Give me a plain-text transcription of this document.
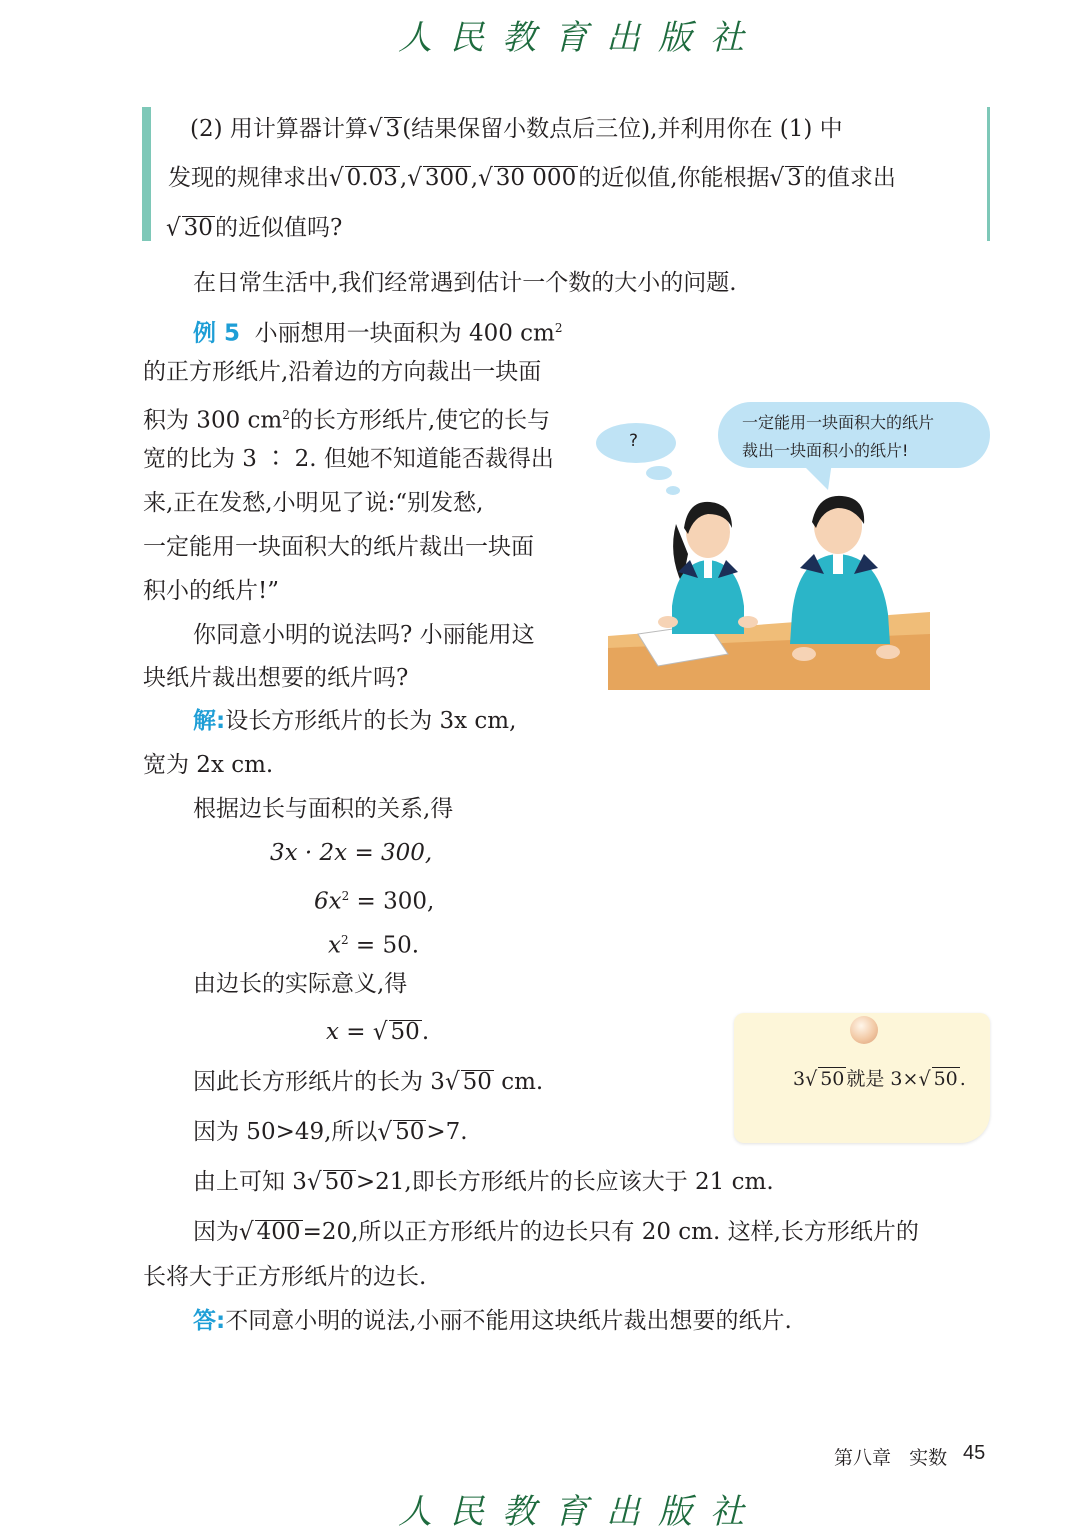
人民教育出版社
(2) 用计算器计算√ 3(结果保留小数点后三位),并利用你在 (1) 中
发现的规律求出√ 0.03,√ 300,√ 30 000的近似值,你能根据√ 3的值求出
√ 30的近似值吗?
在日常生活中,我们经常遇到估计一个数的大小的问题.
例 5 小丽想用一块面积为 400 $cm^2$
的正方形纸片,沿着边的方向裁出一块面
积为 300 $cm^2$的长方形纸片,使它的长与
宽的比为 3 ∶ 2. 但她不知道能否裁得出
来,正在发愁,小明见了说:“别发愁,
一定能用一块面积大的纸片裁出一块面
积小的纸片!”
你同意小明的说法吗? 小丽能用这
块纸片裁出想要的纸片吗?
?
一定能用一块面积大的纸片
裁出一块面积小的纸片!
解:设长方形纸片的长为 3x cm,
宽为 2x cm.
根据边长与面积的关系,得
3x · 2x = 300,
$6x^2 = 300$,
$x^2 = 50$.
由边长的实际意义,得
x = √ 50.
因此长方形纸片的长为 3√ 50 cm.
因为 50>49,所以√ 50>7.
由上可知 3√ 50>21,即长方形纸片的长应该大于 21 cm.
因为√ 400=20,所以正方形纸片的边长只有 20 cm. 这样,长方形纸片的
长将大于正方形纸片的边长.
答:不同意小明的说法,小丽不能用这块纸片裁出想要的纸片.
3√ 50 就是 3×√ 50 .
第八章   实数 45
人民教育出版社
